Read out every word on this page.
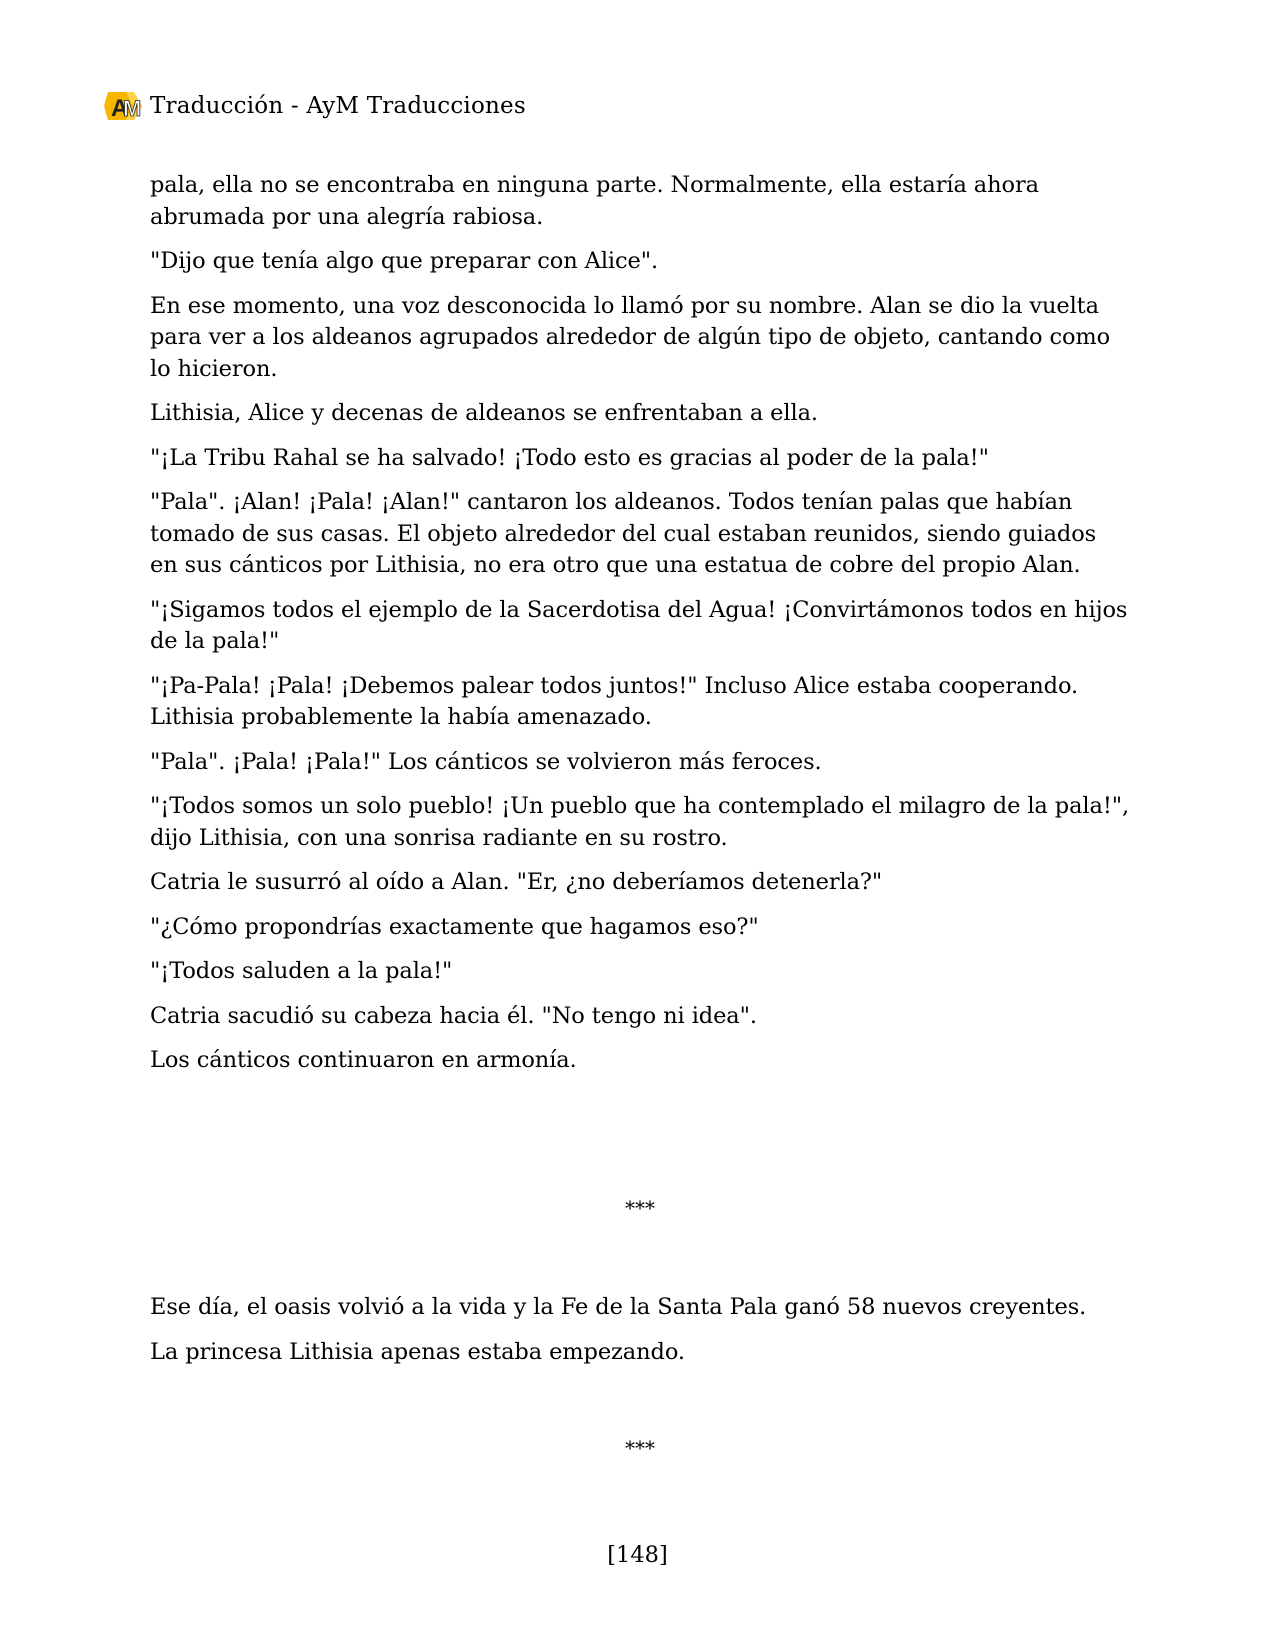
A
M Traducción - AyM Traducciones

pala, ella no se encontraba en ninguna parte. Normalmente, ella estaría ahora abrumada por una alegría rabiosa.

"Dijo que tenía algo que preparar con Alice".

En ese momento, una voz desconocida lo llamó por su nombre. Alan se dio la vuelta para ver a los aldeanos agrupados alrededor de algún tipo de objeto, cantando como lo hicieron.

Lithisia, Alice y decenas de aldeanos se enfrentaban a ella.

"¡La Tribu Rahal se ha salvado! ¡Todo esto es gracias al poder de la pala!"

"Pala". ¡Alan! ¡Pala! ¡Alan!" cantaron los aldeanos. Todos tenían palas que habían tomado de sus casas. El objeto alrededor del cual estaban reunidos, siendo guiados en sus cánticos por Lithisia, no era otro que una estatua de cobre del propio Alan.

"¡Sigamos todos el ejemplo de la Sacerdotisa del Agua! ¡Convirtámonos todos en hijos de la pala!"

"¡Pa-Pala! ¡Pala! ¡Debemos palear todos juntos!" Incluso Alice estaba cooperando. Lithisia probablemente la había amenazado.

"Pala". ¡Pala! ¡Pala!" Los cánticos se volvieron más feroces.

"¡Todos somos un solo pueblo! ¡Un pueblo que ha contemplado el milagro de la pala!", dijo Lithisia, con una sonrisa radiante en su rostro.

Catria le susurró al oído a Alan. "Er, ¿no deberíamos detenerla?"

"¿Cómo propondrías exactamente que hagamos eso?"

"¡Todos saluden a la pala!"

Catria sacudió su cabeza hacia él. "No tengo ni idea".

Los cánticos continuaron en armonía.

***

Ese día, el oasis volvió a la vida y la Fe de la Santa Pala ganó 58 nuevos creyentes.

La princesa Lithisia apenas estaba empezando.

***

[148]
